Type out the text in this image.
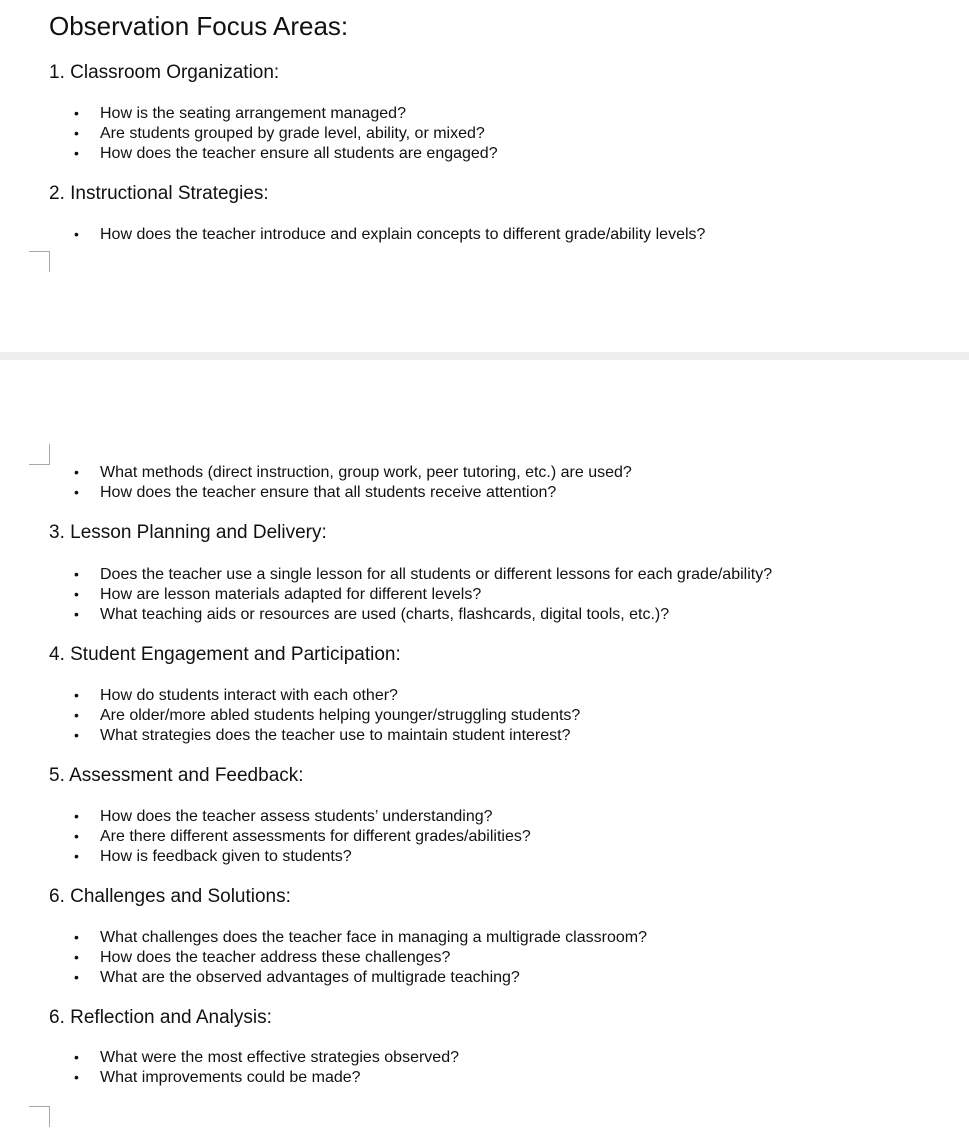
Observation Focus Areas:
1. Classroom Organization:
• How is the seating arrangement managed?
• Are students grouped by grade level, ability, or mixed?
• How does the teacher ensure all students are engaged?
2. Instructional Strategies:
• How does the teacher introduce and explain concepts to different grade/ability levels?
• What methods (direct instruction, group work, peer tutoring, etc.) are used?
• How does the teacher ensure that all students receive attention?
3. Lesson Planning and Delivery:
• Does the teacher use a single lesson for all students or different lessons for each grade/ability?
• How are lesson materials adapted for different levels?
• What teaching aids or resources are used (charts, flashcards, digital tools, etc.)?
4. Student Engagement and Participation:
• How do students interact with each other?
• Are older/more abled students helping younger/struggling students?
• What strategies does the teacher use to maintain student interest?
5. Assessment and Feedback:
• How does the teacher assess students’ understanding?
• Are there different assessments for different grades/abilities?
• How is feedback given to students?
6. Challenges and Solutions:
• What challenges does the teacher face in managing a multigrade classroom?
• How does the teacher address these challenges?
• What are the observed advantages of multigrade teaching?
6. Reflection and Analysis:
• What were the most effective strategies observed?
• What improvements could be made?
